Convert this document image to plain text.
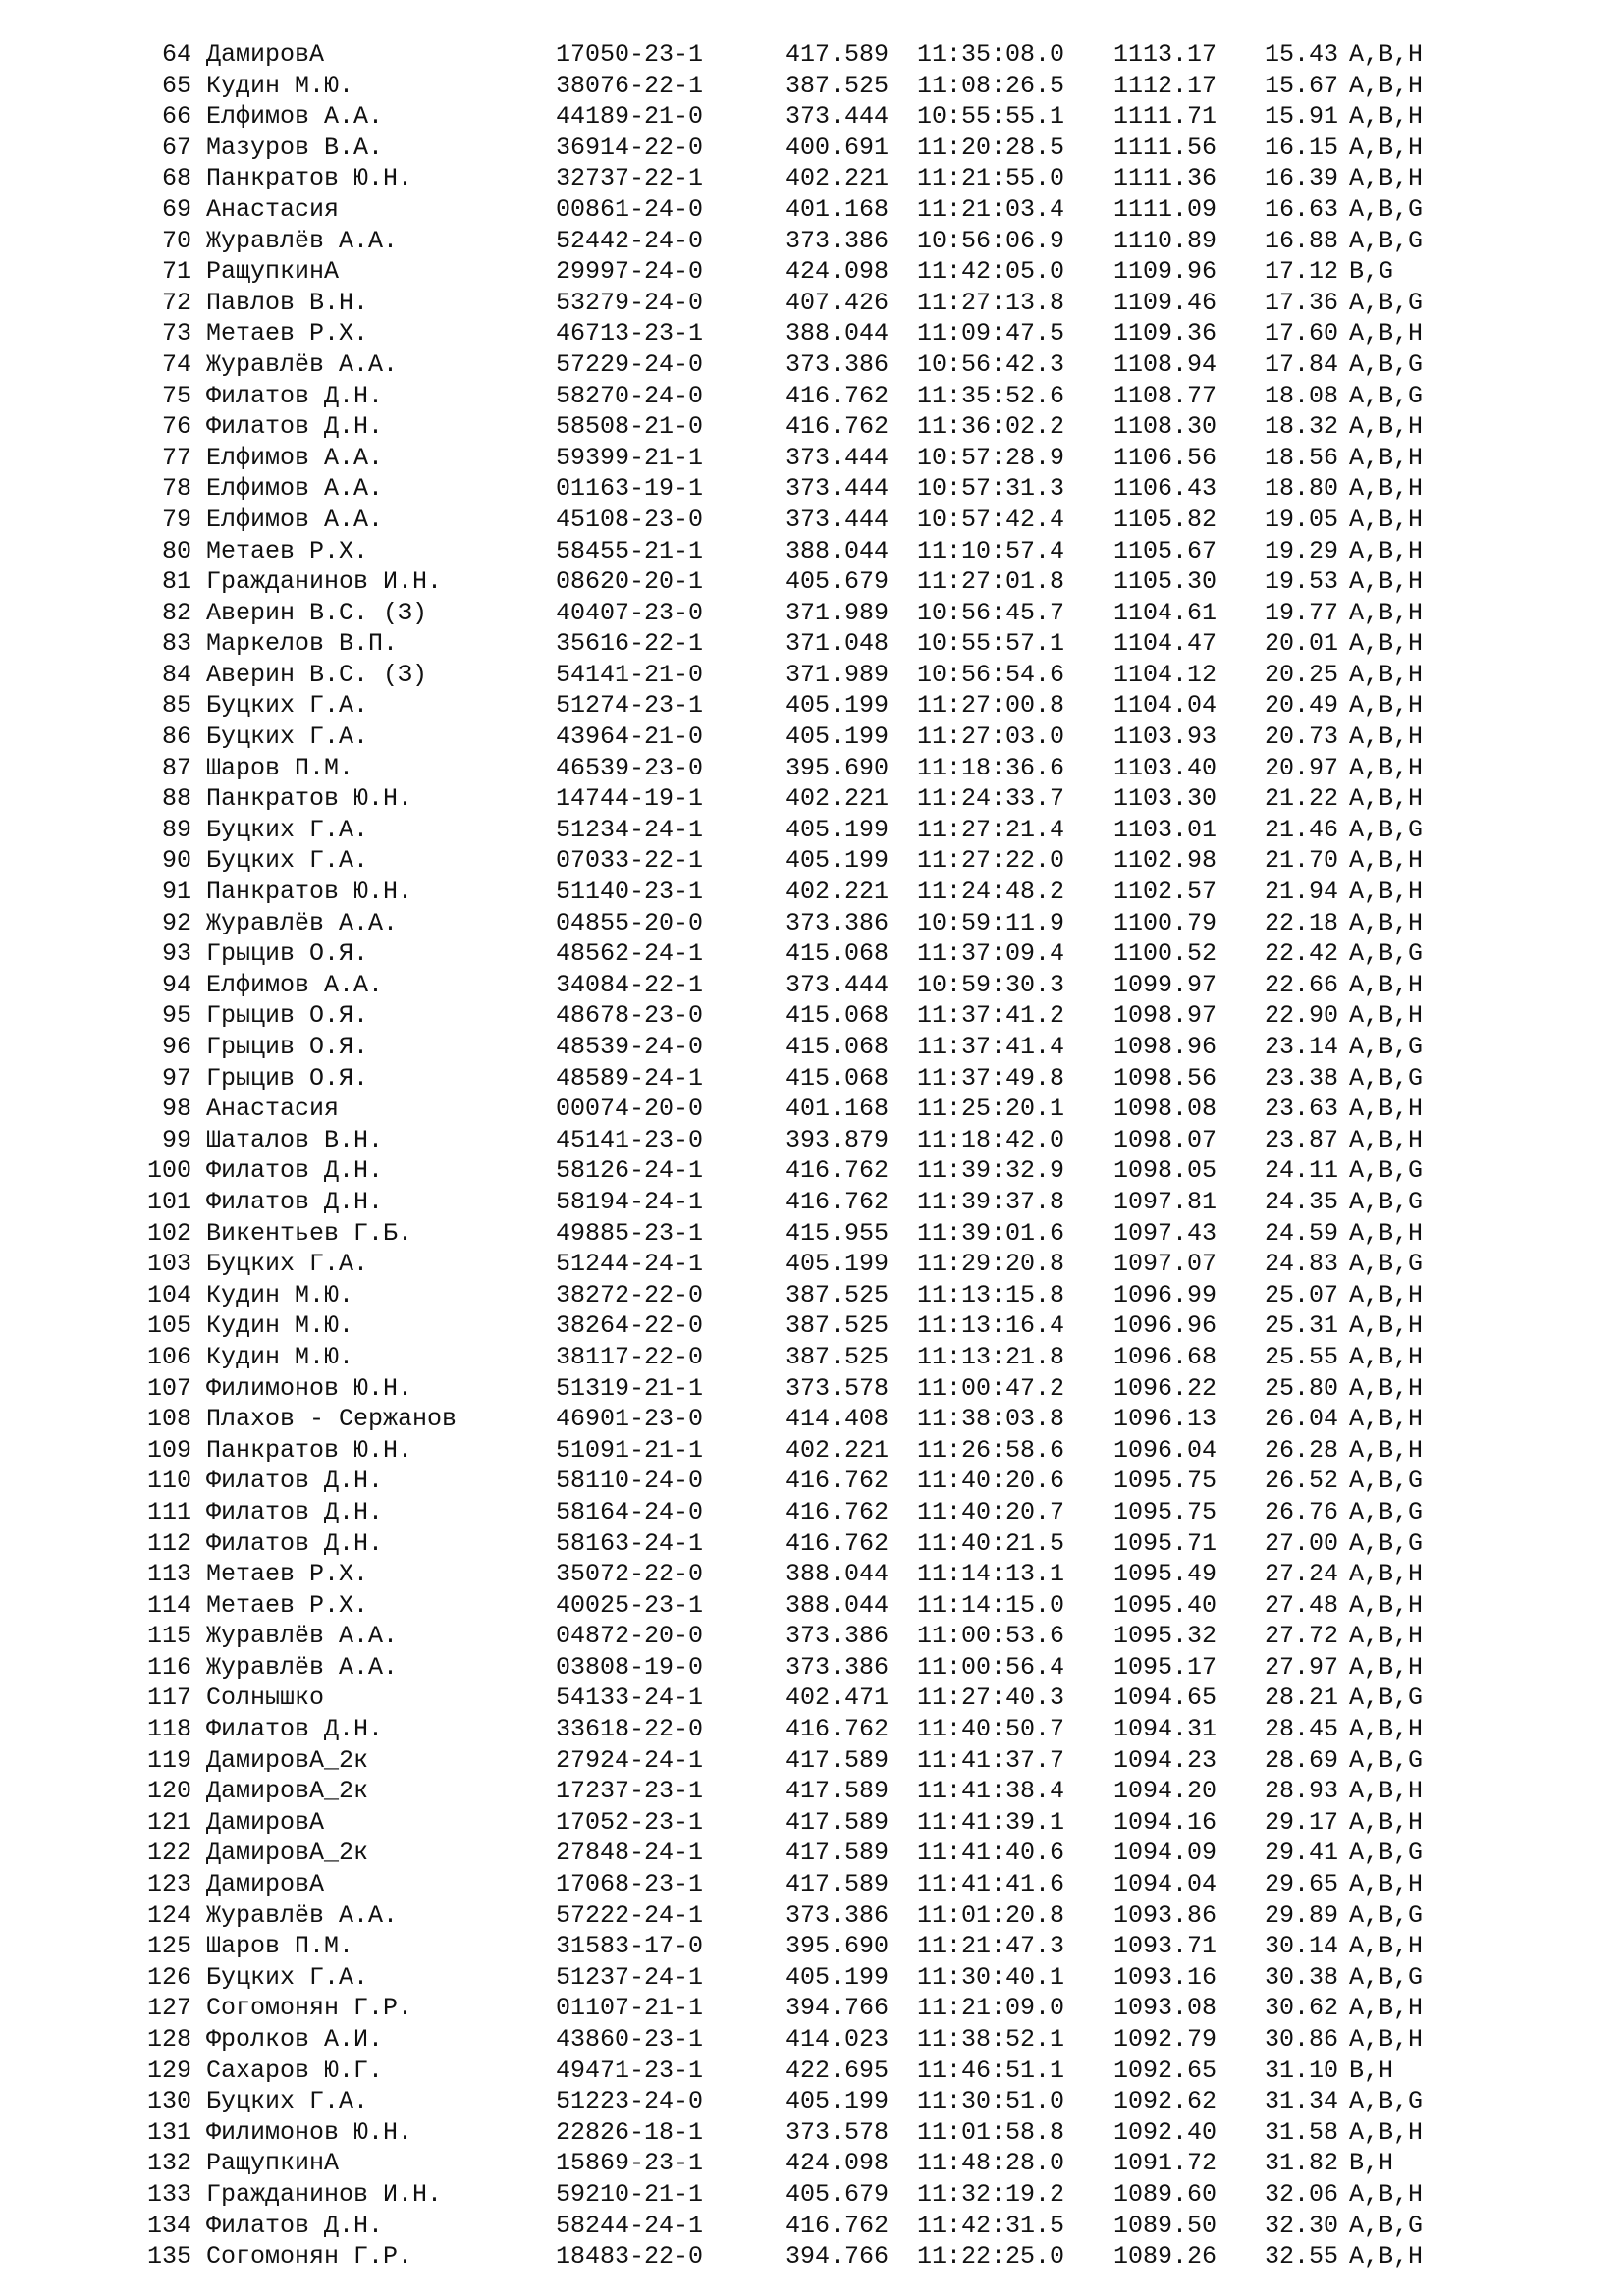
64 ДамировА	17050-23-1	417.589 11:35:08.0 1113.17 15.43 A,B,H
65 Кудин М.Ю.	38076-22-1	387.525 11:08:26.5 1112.17 15.67 A,B,H
66 Елфимов А.А.	44189-21-0	373.444 10:55:55.1 1111.71 15.91 A,B,H
67 Мазуров В.А.	36914-22-0	400.691 11:20:28.5 1111.56 16.15 A,B,H
68 Панкратов Ю.Н.	32737-22-1	402.221 11:21:55.0 1111.36 16.39 A,B,H
69 Анастасия	00861-24-0	401.168 11:21:03.4 1111.09 16.63 A,B,G
70 Журавлёв А.А.	52442-24-0	373.386 10:56:06.9 1110.89 16.88 A,B,G
71 РащупкинА	29997-24-0	424.098 11:42:05.0 1109.96 17.12 B,G
72 Павлов В.Н.	53279-24-0	407.426 11:27:13.8 1109.46 17.36 A,B,G
73 Метаев Р.Х.	46713-23-1	388.044 11:09:47.5 1109.36 17.60 A,B,H
74 Журавлёв А.А.	57229-24-0	373.386 10:56:42.3 1108.94 17.84 A,B,G
75 Филатов Д.Н.	58270-24-0	416.762 11:35:52.6 1108.77 18.08 A,B,G
76 Филатов Д.Н.	58508-21-0	416.762 11:36:02.2 1108.30 18.32 A,B,H
77 Елфимов А.А.	59399-21-1	373.444 10:57:28.9 1106.56 18.56 A,B,H
78 Елфимов А.А.	01163-19-1	373.444 10:57:31.3 1106.43 18.80 A,B,H
79 Елфимов А.А.	45108-23-0	373.444 10:57:42.4 1105.82 19.05 A,B,H
80 Метаев Р.Х.	58455-21-1	388.044 11:10:57.4 1105.67 19.29 A,B,H
81 Гражданинов И.Н.	08620-20-1	405.679 11:27:01.8 1105.30 19.53 A,B,H
82 Аверин В.С. (З)	40407-23-0	371.989 10:56:45.7 1104.61 19.77 A,B,H
83 Маркелов В.П.	35616-22-1	371.048 10:55:57.1 1104.47 20.01 A,B,H
84 Аверин В.С. (З)	54141-21-0	371.989 10:56:54.6 1104.12 20.25 A,B,H
85 Буцких Г.А.	51274-23-1	405.199 11:27:00.8 1104.04 20.49 A,B,H
86 Буцких Г.А.	43964-21-0	405.199 11:27:03.0 1103.93 20.73 A,B,H
87 Шаров П.М.	46539-23-0	395.690 11:18:36.6 1103.40 20.97 A,B,H
88 Панкратов Ю.Н.	14744-19-1	402.221 11:24:33.7 1103.30 21.22 A,B,H
89 Буцких Г.А.	51234-24-1	405.199 11:27:21.4 1103.01 21.46 A,B,G
90 Буцких Г.А.	07033-22-1	405.199 11:27:22.0 1102.98 21.70 A,B,H
91 Панкратов Ю.Н.	51140-23-1	402.221 11:24:48.2 1102.57 21.94 A,B,H
92 Журавлёв А.А.	04855-20-0	373.386 10:59:11.9 1100.79 22.18 A,B,H
93 Грыцив О.Я.	48562-24-1	415.068 11:37:09.4 1100.52 22.42 A,B,G
94 Елфимов А.А.	34084-22-1	373.444 10:59:30.3 1099.97 22.66 A,B,H
95 Грыцив О.Я.	48678-23-0	415.068 11:37:41.2 1098.97 22.90 A,B,H
96 Грыцив О.Я.	48539-24-0	415.068 11:37:41.4 1098.96 23.14 A,B,G
97 Грыцив О.Я.	48589-24-1	415.068 11:37:49.8 1098.56 23.38 A,B,G
98 Анастасия	00074-20-0	401.168 11:25:20.1 1098.08 23.63 A,B,H
99 Шаталов В.Н.	45141-23-0	393.879 11:18:42.0 1098.07 23.87 A,B,H
100 Филатов Д.Н.	58126-24-1	416.762 11:39:32.9 1098.05 24.11 A,B,G
101 Филатов Д.Н.	58194-24-1	416.762 11:39:37.8 1097.81 24.35 A,B,G
102 Викентьев Г.Б.	49885-23-1	415.955 11:39:01.6 1097.43 24.59 A,B,H
103 Буцких Г.А.	51244-24-1	405.199 11:29:20.8 1097.07 24.83 A,B,G
104 Кудин М.Ю.	38272-22-0	387.525 11:13:15.8 1096.99 25.07 A,B,H
105 Кудин М.Ю.	38264-22-0	387.525 11:13:16.4 1096.96 25.31 A,B,H
106 Кудин М.Ю.	38117-22-0	387.525 11:13:21.8 1096.68 25.55 A,B,H
107 Филимонов Ю.Н.	51319-21-1	373.578 11:00:47.2 1096.22 25.80 A,B,H
108 Плахов - Сержанов	46901-23-0	414.408 11:38:03.8 1096.13 26.04 A,B,H
109 Панкратов Ю.Н.	51091-21-1	402.221 11:26:58.6 1096.04 26.28 A,B,H
110 Филатов Д.Н.	58110-24-0	416.762 11:40:20.6 1095.75 26.52 A,B,G
111 Филатов Д.Н.	58164-24-0	416.762 11:40:20.7 1095.75 26.76 A,B,G
112 Филатов Д.Н.	58163-24-1	416.762 11:40:21.5 1095.71 27.00 A,B,G
113 Метаев Р.Х.	35072-22-0	388.044 11:14:13.1 1095.49 27.24 A,B,H
114 Метаев Р.Х.	40025-23-1	388.044 11:14:15.0 1095.40 27.48 A,B,H
115 Журавлёв А.А.	04872-20-0	373.386 11:00:53.6 1095.32 27.72 A,B,H
116 Журавлёв А.А.	03808-19-0	373.386 11:00:56.4 1095.17 27.97 A,B,H
117 Солнышко	54133-24-1	402.471 11:27:40.3 1094.65 28.21 A,B,G
118 Филатов Д.Н.	33618-22-0	416.762 11:40:50.7 1094.31 28.45 A,B,H
119 ДамировА_2к	27924-24-1	417.589 11:41:37.7 1094.23 28.69 A,B,G
120 ДамировА_2к	17237-23-1	417.589 11:41:38.4 1094.20 28.93 A,B,H
121 ДамировА	17052-23-1	417.589 11:41:39.1 1094.16 29.17 A,B,H
122 ДамировА_2к	27848-24-1	417.589 11:41:40.6 1094.09 29.41 A,B,G
123 ДамировА	17068-23-1	417.589 11:41:41.6 1094.04 29.65 A,B,H
124 Журавлёв А.А.	57222-24-1	373.386 11:01:20.8 1093.86 29.89 A,B,G
125 Шаров П.М.	31583-17-0	395.690 11:21:47.3 1093.71 30.14 A,B,H
126 Буцких Г.А.	51237-24-1	405.199 11:30:40.1 1093.16 30.38 A,B,G
127 Согомонян Г.Р.	01107-21-1	394.766 11:21:09.0 1093.08 30.62 A,B,H
128 Фролков А.И.	43860-23-1	414.023 11:38:52.1 1092.79 30.86 A,B,H
129 Сахаров Ю.Г.	49471-23-1	422.695 11:46:51.1 1092.65 31.10 B,H
130 Буцких Г.А.	51223-24-0	405.199 11:30:51.0 1092.62 31.34 A,B,G
131 Филимонов Ю.Н.	22826-18-1	373.578 11:01:58.8 1092.40 31.58 A,B,H
132 РащупкинА	15869-23-1	424.098 11:48:28.0 1091.72 31.82 B,H
133 Гражданинов И.Н.	59210-21-1	405.679 11:32:19.2 1089.60 32.06 A,B,H
134 Филатов Д.Н.	58244-24-1	416.762 11:42:31.5 1089.50 32.30 A,B,G
135 Согомонян Г.Р.	18483-22-0	394.766 11:22:25.0 1089.26 32.55 A,B,H
